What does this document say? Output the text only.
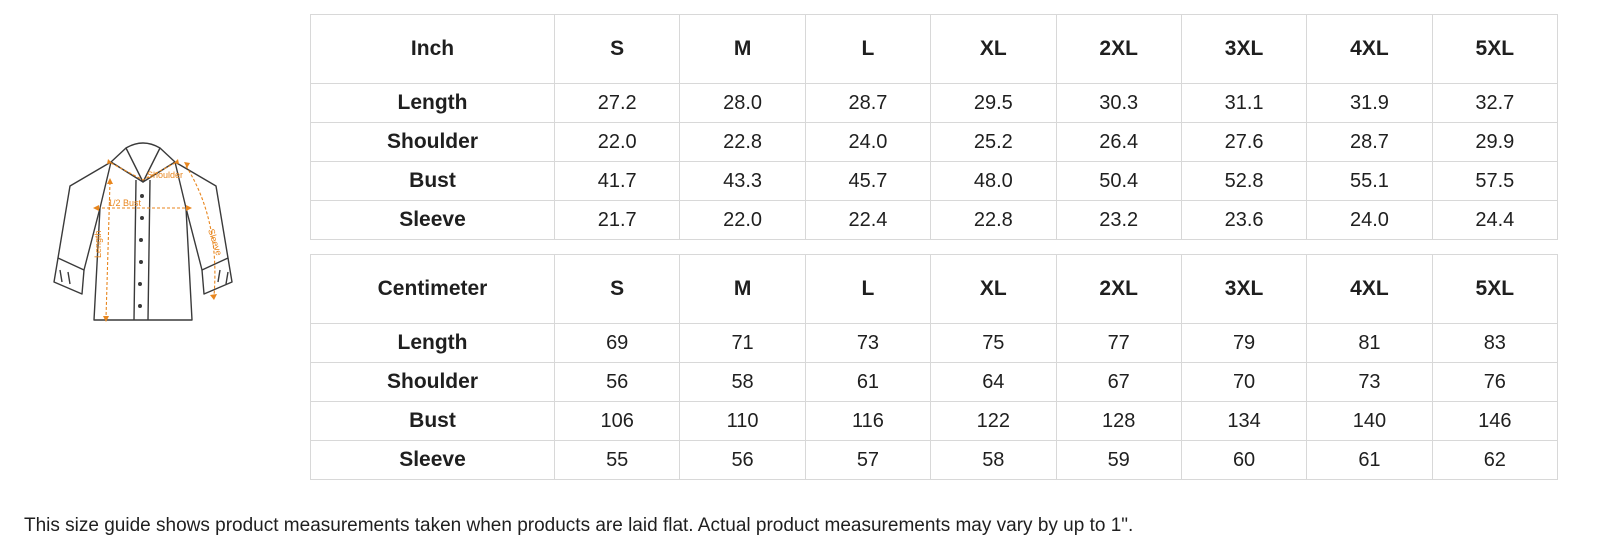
Shoulder
1/2 Bust
Length	Sleeve
Inch	S	M	L	XL	2XL	3XL	4XL	5XL
Length	27.2	28.0	28.7	29.5	30.3	31.1	31.9	32.7
Shoulder	22.0	22.8	24.0	25.2	26.4	27.6	28.7	29.9
Bust	41.7	43.3	45.7	48.0	50.4	52.8	55.1	57.5
Sleeve	21.7	22.0	22.4	22.8	23.2	23.6	24.0	24.4
Centimeter	S	M	L	XL	2XL	3XL	4XL	5XL
Length	69	71	73	75	77	79	81	83
Shoulder	56	58	61	64	67	70	73	76
Bust	106	110	116	122	128	134	140	146
Sleeve	55	56	57	58	59	60	61	62
This size guide shows product measurements taken when products are laid flat. Actual product measurements may vary by up to 1".
